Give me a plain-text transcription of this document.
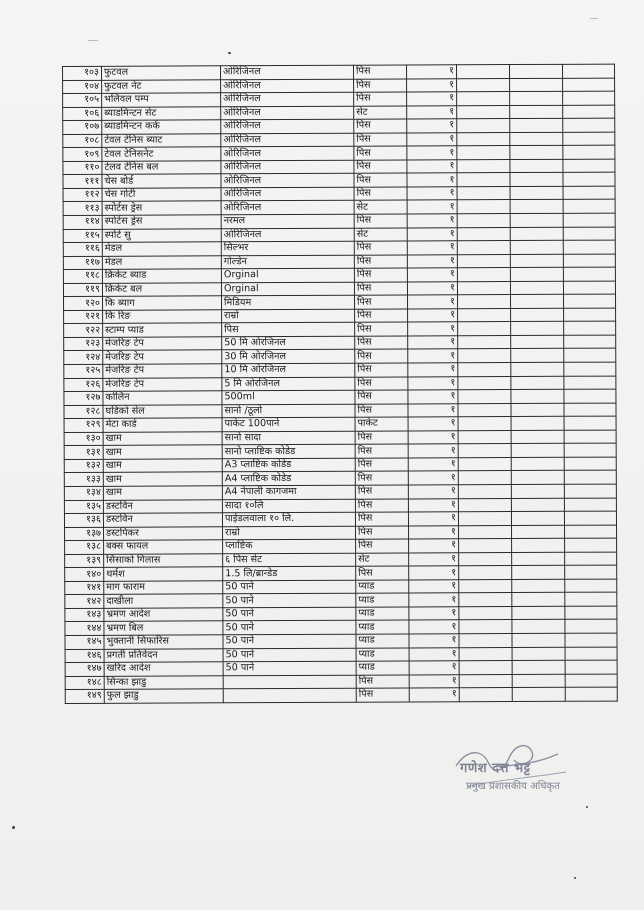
१०३	फुटवल	ओरिजिनल	पिस	१			
१०४	फुटवल नेट	ओरिजिनल	पिस	१			
१०५	भलिवल पम्प	ओरिजिनल	पिस	१			
१०६	ब्याडमिन्टन सेट	ओरिजिनल	सेट	१			
१०७	ब्याडमिन्टन कर्क	ओरिजिनल	पिस	१			
१०८	टेवल टेनिस ब्याट	ओरिजिनल	पिस	१			
१०९	टेवल टेनिसनेट	ओरिजिनल	पिस	१			
११०	टेलव टेनिस बल	ओरिजिनल	पिस	१			
१११	चेस बोर्ड	ओरिजिनल	पिस	१			
११२	चेस गोटी	ओरिजिनल	पिस	१			
११३	स्पोर्टस ड्रेस	ओरिजिनल	सेट	१			
११४	स्पोर्टस ड्रेस	नरमल	पिस	१			
११५	स्पोर्ट सु	ओरिजिनल	सेट	१			
११६	मेडल	सिल्भर	पिस	१			
११७	मेडल	गोल्डेन	पिस	१			
११८	क्रिकेट ब्याड	Orginal	पिस	१			
११९	क्रिकेट बल	Orginal	पिस	१			
१२०	कि ब्याग	मिडियम	पिस	१			
१२१	कि रिङ	राम्रो	पिस	१			
१२२	स्टाम्प प्याड	पिस	पिस	१			
१२३	मेजरिङ टेप	50 मि ओरजिनल	पिस	१			
१२४	मेजरिङ टेप	30 मि ओरजिनल	पिस	१			
१२५	मेजरिङ टेप	10 मि ओरजिनल	पिस	१			
१२६	मेजरिङ टेप	5 मि ओरजिनल	पिस	१			
१२७	कोलिन	500ml	पिस	१			
१२८	घडिको सेल	सानो /ठूलो	पिस	१			
१२९	मेटा कार्ड	पाकेट 100पाने	पाकेट	१			
१३०	खाम	सानो सादा	पिस	१			
१३१	खाम	सानो प्लाष्टिक कोडेड	पिस	१			
१३२	खाम	A3 प्लाष्टिक कोडेड	पिस	१			
१३३	खाम	A4 प्लाष्टिक कोडेड	पिस	१			
१३४	खाम	A4 नेपाली कागजमा	पिस	१			
१३५	डस्टविन	सादा १०लि	पिस	१			
१३६	डस्टविन	पाईडलवाला १० लि.	पिस	१			
१३७	डस्टपिकर	राम्रो	पिस	१			
१३८	बक्स फायल	प्लाष्टिक	पिस	१			
१३९	सिसाको गिलास	६ पिस सेट	सेट	१			
१४०	थर्मश	1.5 लि/ब्रान्डेड	पिस	१			
१४१	माग फाराम	50 पाने	प्याड	१			
१४२	दाखीला	50 पाने	प्याड	१			
१४३	भ्रमण आदेश	50 पाने	प्याड	१			
१४४	भ्रमण बिल	50 पाने	प्याड	१			
१४५	भुक्तानी सिफारिस	50 पाने	प्याड	१			
१४६	प्रगती प्रतिवेदन	50 पाने	प्याड	१			
१४७	खरिद आदेश	50 पाने	प्याड	१			
१४८	सिन्का झाडु		पिस	१			
१४९	फुल झाडु		पिस	१			
गणेश दत्त भट्ट
प्रमुख प्रशासकीय अधिकृत
